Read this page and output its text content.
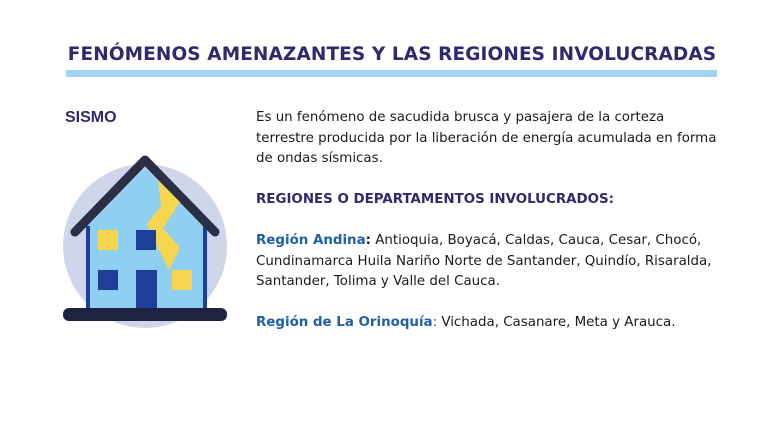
FENÓMENOS AMENAZANTES Y LAS REGIONES INVOLUCRADAS
SISMO	Es un fenómeno de sacudida brusca y pasajera de la corteza terrestre producida por la liberación de energía acumulada en forma de ondas sísmicas.

REGIONES O DEPARTAMENTOS INVOLUCRADOS:

Región Andina: Antioquia, Boyacá, Caldas, Cauca, Cesar, Chocó, Cundinamarca Huila Nariño Norte de Santander, Quindío, Risaralda, Santander, Tolima y Valle del Cauca.

Región de La Orinoquía: Vichada, Casanare, Meta y Arauca.
